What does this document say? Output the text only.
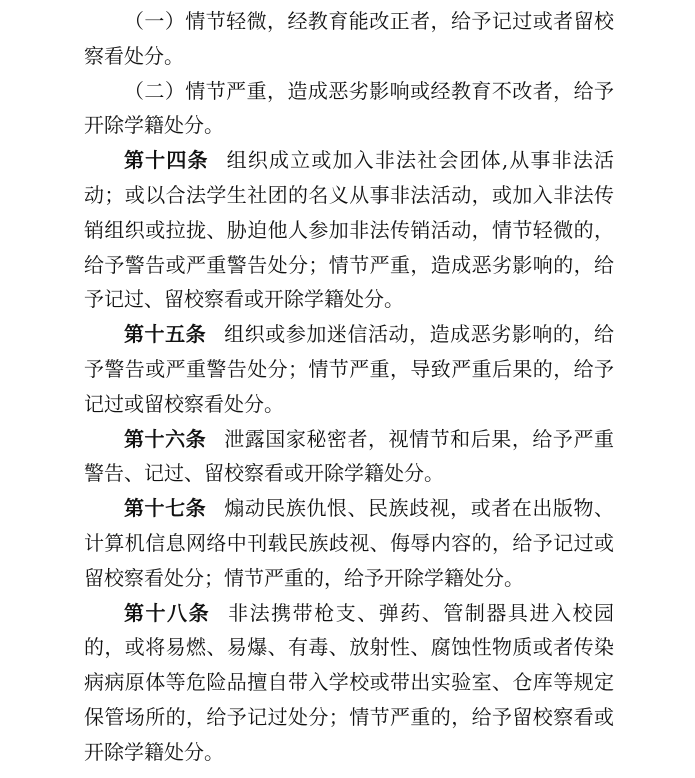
（一）情节轻微，经教育能改正者，给予记过或者留校察看处分。

（二）情节严重，造成恶劣影响或经教育不改者，给予开除学籍处分。

第十四条 组织成立或加入非法社会团体,从事非法活动；或以合法学生社团的名义从事非法活动，或加入非法传销组织或拉拢、胁迫他人参加非法传销活动，情节轻微的，给予警告或严重警告处分；情节严重，造成恶劣影响的，给予记过、留校察看或开除学籍处分。

第十五条 组织或参加迷信活动，造成恶劣影响的，给予警告或严重警告处分；情节严重，导致严重后果的，给予记过或留校察看处分。

第十六条 泄露国家秘密者，视情节和后果，给予严重警告、记过、留校察看或开除学籍处分。

第十七条 煽动民族仇恨、民族歧视，或者在出版物、计算机信息网络中刊载民族歧视、侮辱内容的，给予记过或留校察看处分；情节严重的，给予开除学籍处分。

第十八条 非法携带枪支、弹药、管制器具进入校园的，或将易燃、易爆、有毒、放射性、腐蚀性物质或者传染病病原体等危险品擅自带入学校或带出实验室、仓库等规定保管场所的，给予记过处分；情节严重的，给予留校察看或开除学籍处分。
